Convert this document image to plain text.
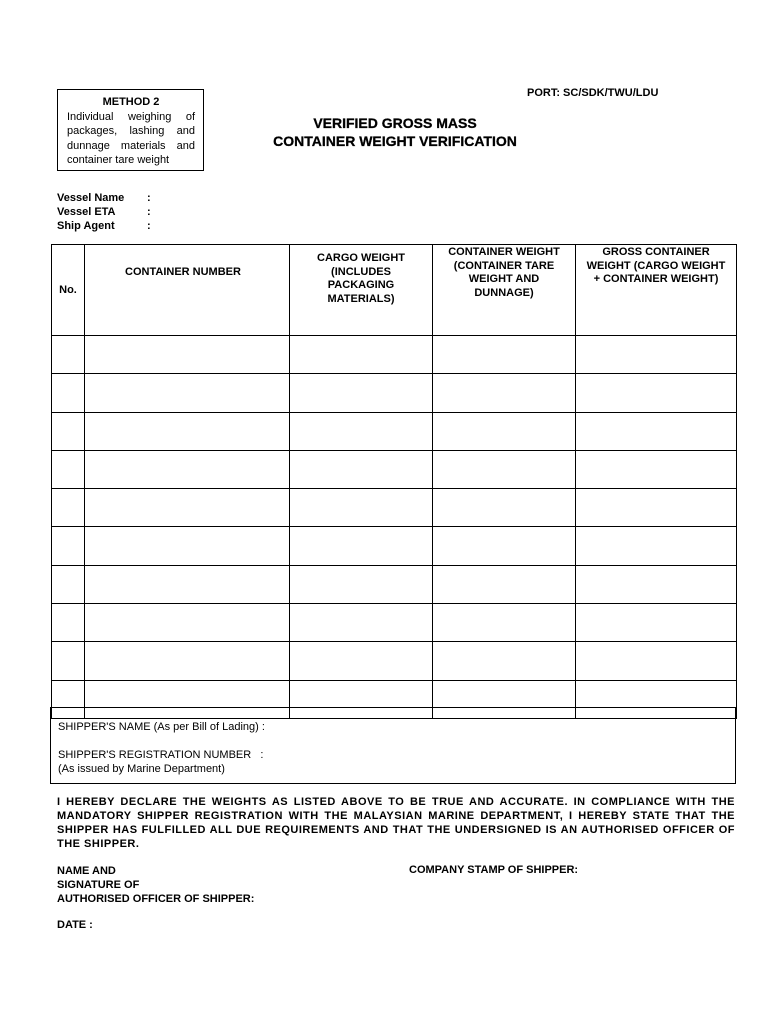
METHOD 2
Individual weighing of packages, lashing and dunnage materials and container tare weight
PORT: SC/SDK/TWU/LDU
VERIFIED GROSS MASS
CONTAINER WEIGHT VERIFICATION
Vessel Name	:
Vessel ETA	:
Ship Agent	:
No.	CONTAINER NUMBER	CARGO WEIGHT (INCLUDES PACKAGING MATERIALS)	CONTAINER WEIGHT (CONTAINER TARE WEIGHT AND DUNNAGE)	GROSS CONTAINER WEIGHT (CARGO WEIGHT + CONTAINER WEIGHT)

SHIPPER'S NAME (As per Bill of Lading) :
SHIPPER'S REGISTRATION NUMBER   :
(As issued by Marine Department)
I HEREBY DECLARE THE WEIGHTS AS LISTED ABOVE TO BE TRUE AND ACCURATE. IN COMPLIANCE WITH THE MANDATORY SHIPPER REGISTRATION WITH THE MALAYSIAN MARINE DEPARTMENT, I HEREBY STATE THAT THE SHIPPER HAS FULFILLED ALL DUE REQUIREMENTS AND THAT THE UNDERSIGNED IS AN AUTHORISED OFFICER OF THE SHIPPER.
NAME AND
SIGNATURE OF
AUTHORISED OFFICER OF SHIPPER:
COMPANY STAMP OF SHIPPER:
DATE :
